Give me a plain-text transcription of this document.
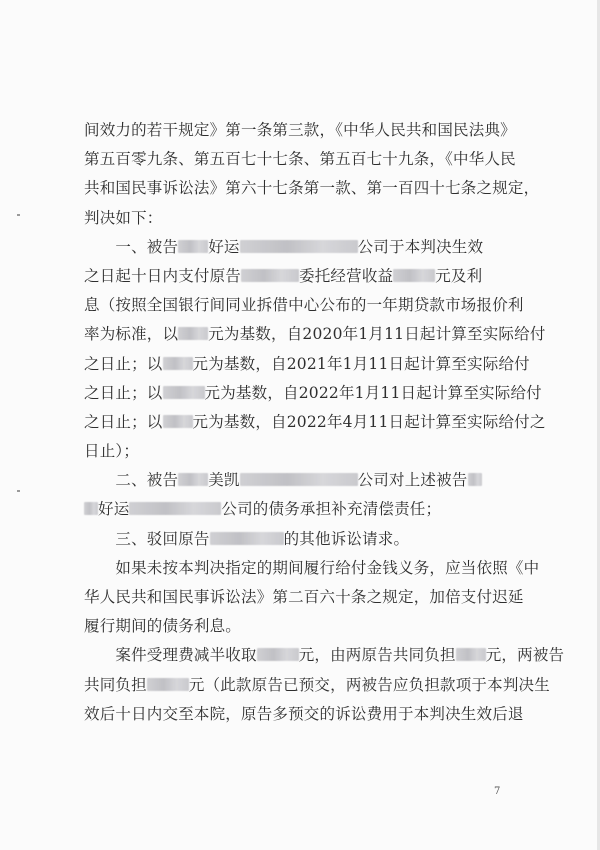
间效力的若干规定》第一条第三款，《中华人民共和国民法典》
第五百零九条、第五百七十七条、第五百七十九条，《中华人民
共和国民事诉讼法》第六十七条第一款、第一百四十七条之规定，
判决如下：
　　一、被告 好运	公司于本判决生效
之日起十日内支付原告	委托经营收益	元及利
息（按照全国银行间同业拆借中心公布的一年期贷款市场报价利
率为标准，以 元为基数，自2020年1月11日起计算至实际给付
之日止；以 元为基数，自2021年1月11日起计算至实际给付
之日止；以	元为基数，自2022年1月11日起计算至实际给付
之日止；以 元为基数，自2022年4月11日起计算至实际给付之
日止）；
　　二、被告 美凯	公司对上述被告
好运	公司的债务承担补充清偿责任；
　　三、驳回原告	的其他诉讼请求。
　　如果未按本判决指定的期间履行给付金钱义务，应当依照《中
华人民共和国民事诉讼法》第二百六十条之规定，加倍支付迟延
履行期间的债务利息。
　　案件受理费减半收取	元，由两原告共同负担 元，两被告
共同负担	元（此款原告已预交，两被告应负担款项于本判决生
效后十日内交至本院，原告多预交的诉讼费用于本判决生效后退
7
